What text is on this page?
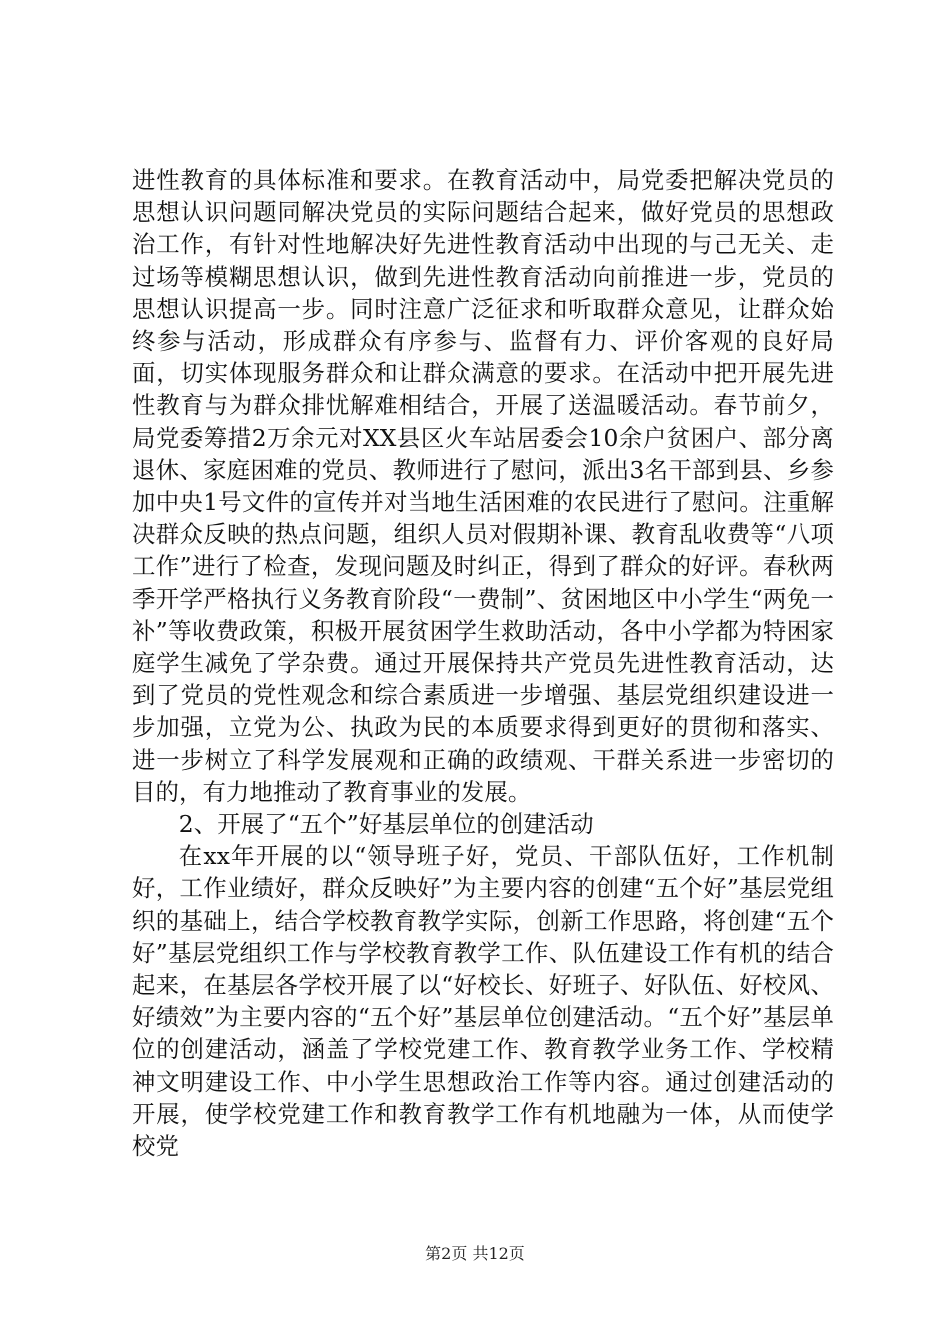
进性教育的具体标准和要求。在教育活动中，局党委把解决党员的思想认识问题同解决党员的实际问题结合起来，做好党员的思想政治工作，有针对性地解决好先进性教育活动中出现的与己无关、走过场等模糊思想认识，做到先进性教育活动向前推进一步，党员的思想认识提高一步。同时注意广泛征求和听取群众意见，让群众始终参与活动，形成群众有序参与、监督有力、评价客观的良好局面，切实体现服务群众和让群众满意的要求。在活动中把开展先进性教育与为群众排忧解难相结合，开展了送温暖活动。春节前夕，局党委筹措2万余元对XX县区火车站居委会10余户贫困户、部分离退休、家庭困难的党员、教师进行了慰问，派出3名干部到县、乡参加中央1号文件的宣传并对当地生活困难的农民进行了慰问。注重解决群众反映的热点问题，组织人员对假期补课、教育乱收费等“八项工作”进行了检查，发现问题及时纠正，得到了群众的好评。春秋两季开学严格执行义务教育阶段“一费制”、贫困地区中小学生“两免一补”等收费政策，积极开展贫困学生救助活动，各中小学都为特困家庭学生减免了学杂费。通过开展保持共产党员先进性教育活动，达到了党员的党性观念和综合素质进一步增强、基层党组织建设进一步加强，立党为公、执政为民的本质要求得到更好的贯彻和落实、进一步树立了科学发展观和正确的政绩观、干群关系进一步密切的目的，有力地推动了教育事业的发展。

2、开展了“五个”好基层单位的创建活动

在xx年开展的以“领导班子好，党员、干部队伍好，工作机制好，工作业绩好，群众反映好”为主要内容的创建“五个好”基层党组织的基础上，结合学校教育教学实际，创新工作思路，将创建“五个好”基层党组织工作与学校教育教学工作、队伍建设工作有机的结合起来，在基层各学校开展了以“好校长、好班子、好队伍、好校风、好绩效”为主要内容的“五个好”基层单位创建活动。“五个好”基层单位的创建活动，涵盖了学校党建工作、教育教学业务工作、学校精神文明建设工作、中小学生思想政治工作等内容。通过创建活动的开展，使学校党建工作和教育教学工作有机地融为一体，从而使学校党

第2页 共12页
